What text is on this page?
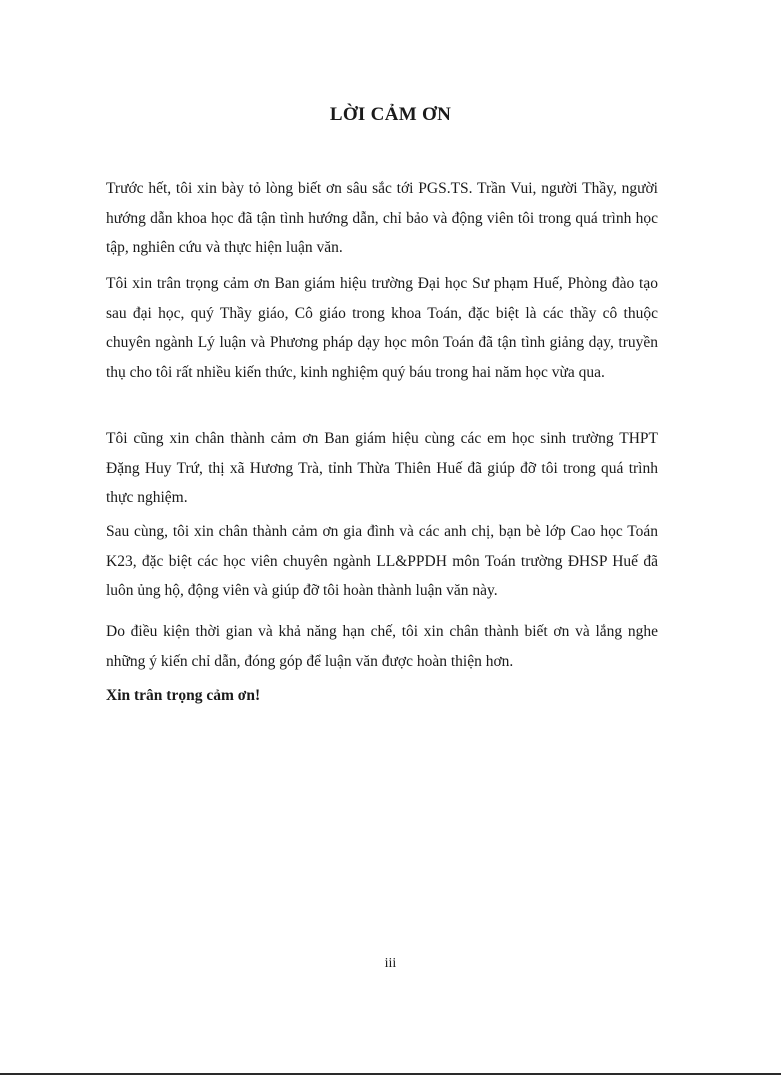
LỜI CẢM ƠN

Trước hết, tôi xin bày tỏ lòng biết ơn sâu sắc tới PGS.TS. Trần Vui, người Thầy, người hướng dẫn khoa học đã tận tình hướng dẫn, chỉ bảo và động viên tôi trong quá trình học tập, nghiên cứu và thực hiện luận văn.

Tôi xin trân trọng cảm ơn Ban giám hiệu trường Đại học Sư phạm Huế, Phòng đào tạo sau đại học, quý Thầy giáo, Cô giáo trong khoa Toán, đặc biệt là các thầy cô thuộc chuyên ngành Lý luận và Phương pháp dạy học môn Toán đã tận tình giảng dạy, truyền thụ cho tôi rất nhiều kiến thức, kinh nghiệm quý báu trong hai năm học vừa qua.

Tôi cũng xin chân thành cảm ơn Ban giám hiệu cùng các em học sinh trường THPT Đặng Huy Trứ, thị xã Hương Trà, tỉnh Thừa Thiên Huế đã giúp đỡ tôi trong quá trình thực nghiệm.

Sau cùng, tôi xin chân thành cảm ơn gia đình và các anh chị, bạn bè lớp Cao học Toán K23, đặc biệt các học viên chuyên ngành LL&PPDH môn Toán trường ĐHSP Huế đã luôn ủng hộ, động viên và giúp đỡ tôi hoàn thành luận văn này.

Do điều kiện thời gian và khả năng hạn chế, tôi xin chân thành biết ơn và lắng nghe những ý kiến chỉ dẫn, đóng góp để luận văn được hoàn thiện hơn.

Xin trân trọng cảm ơn!

iii
